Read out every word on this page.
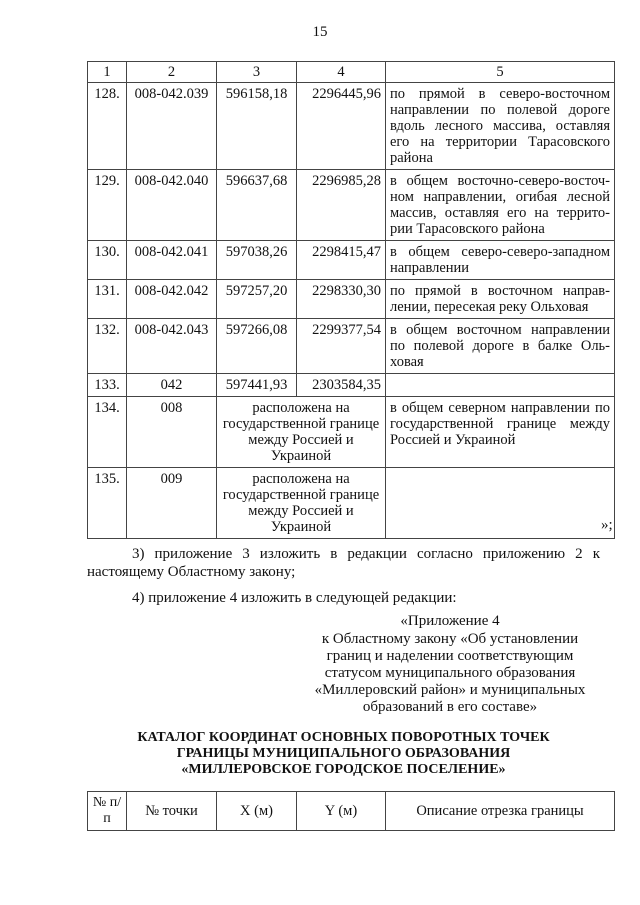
15
1	2	3	4	5
128.	008-042.039	596158,18	2296445,96	по прямой в северо-восточном направлении по полевой дороге вдоль лесного массива, оставляя его на территории Тарасовского района
129.	008-042.040	596637,68	2296985,28	в общем восточно-северо-восточ-ном направлении, огибая лесной массив, оставляя его на террито-рии Тарасовского района
130.	008-042.041	597038,26	2298415,47	в общем северо-северо-западном направлении
131.	008-042.042	597257,20	2298330,30	по прямой в восточном направ-лении, пересекая реку Ольховая
132.	008-042.043	597266,08	2299377,54	в общем восточном направлении по полевой дороге в балке Оль-ховая
133.	042	597441,93	2303584,35	
134.	008	расположена на государственной границе между Россией и Украиной		в общем северном направлении по государственной границе между Россией и Украиной
135.	009	расположена на государственной границе между Россией и Украиной			»;
3) приложение 3 изложить в редакции согласно приложению 2 к настоящему Областному закону;
4) приложение 4 изложить в следующей редакции:
«Приложение 4
к Областному закону «Об установлении границ и наделении соответствующим статусом муниципального образования «Миллеровский район» и муниципальных образований в его составе»
КАТАЛОГ КООРДИНАТ ОСНОВНЫХ ПОВОРОТНЫХ ТОЧЕК
ГРАНИЦЫ МУНИЦИПАЛЬНОГО ОБРАЗОВАНИЯ
«МИЛЛЕРОВСКОЕ ГОРОДСКОЕ ПОСЕЛЕНИЕ»
№ п/п	№ точки	X (м)	Y (м)	Описание отрезка границы
